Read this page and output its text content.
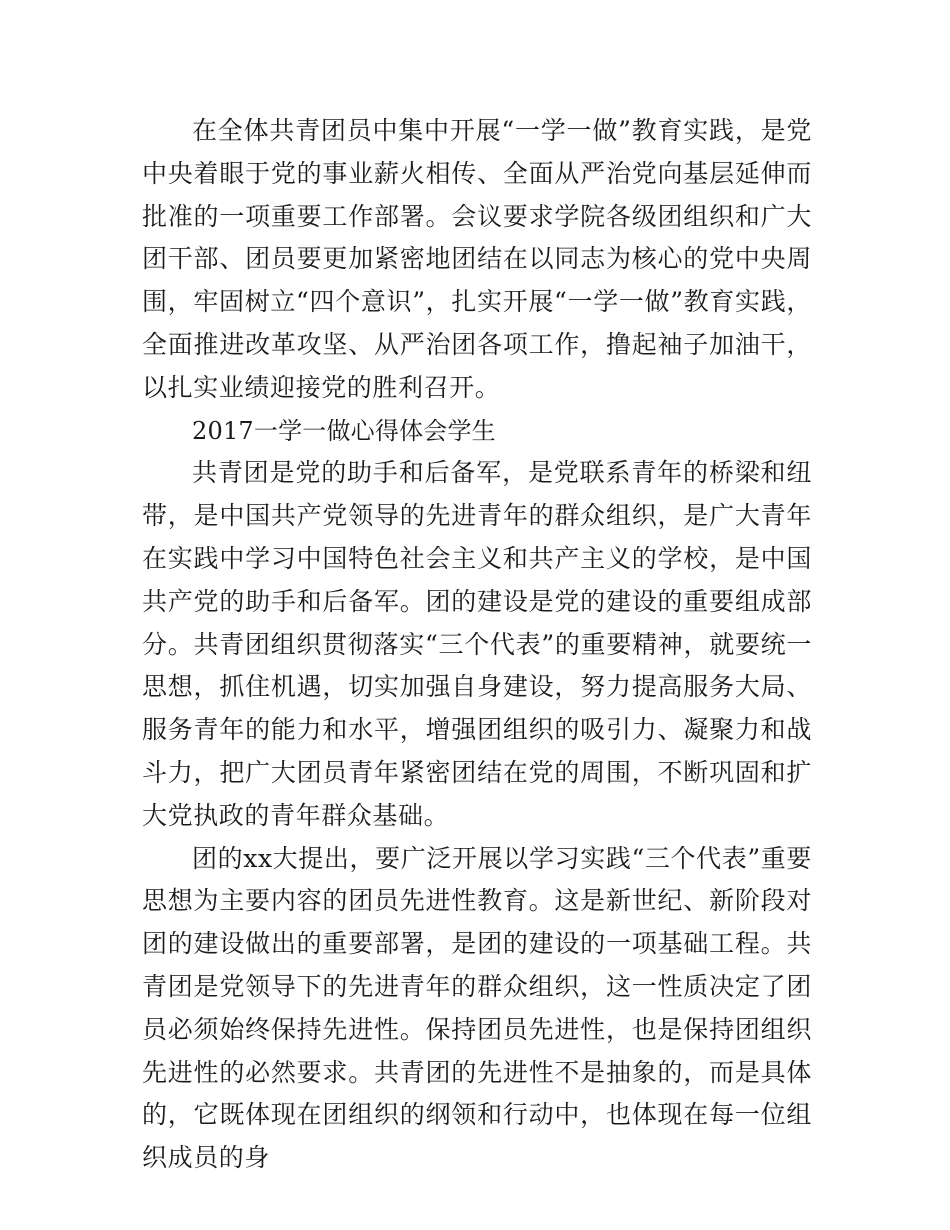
在全体共青团员中集中开展“一学一做”教育实践，是党中央着眼于党的事业薪火相传、全面从严治党向基层延伸而批准的一项重要工作部署。会议要求学院各级团组织和广大团干部、团员要更加紧密地团结在以同志为核心的党中央周围，牢固树立“四个意识”，扎实开展“一学一做”教育实践，全面推进改革攻坚、从严治团各项工作，撸起袖子加油干，以扎实业绩迎接党的胜利召开。

2017一学一做心得体会学生

共青团是党的助手和后备军，是党联系青年的桥梁和纽带，是中国共产党领导的先进青年的群众组织，是广大青年在实践中学习中国特色社会主义和共产主义的学校，是中国共产党的助手和后备军。团的建设是党的建设的重要组成部分。共青团组织贯彻落实“三个代表”的重要精神，就要统一思想，抓住机遇，切实加强自身建设，努力提高服务大局、服务青年的能力和水平，增强团组织的吸引力、凝聚力和战斗力，把广大团员青年紧密团结在党的周围，不断巩固和扩大党执政的青年群众基础。

团的xx大提出，要广泛开展以学习实践“三个代表”重要思想为主要内容的团员先进性教育。这是新世纪、新阶段对团的建设做出的重要部署，是团的建设的一项基础工程。共青团是党领导下的先进青年的群众组织，这一性质决定了团员必须始终保持先进性。保持团员先进性，也是保持团组织先进性的必然要求。共青团的先进性不是抽象的，而是具体的，它既体现在团组织的纲领和行动中，也体现在每一位组织成员的身
